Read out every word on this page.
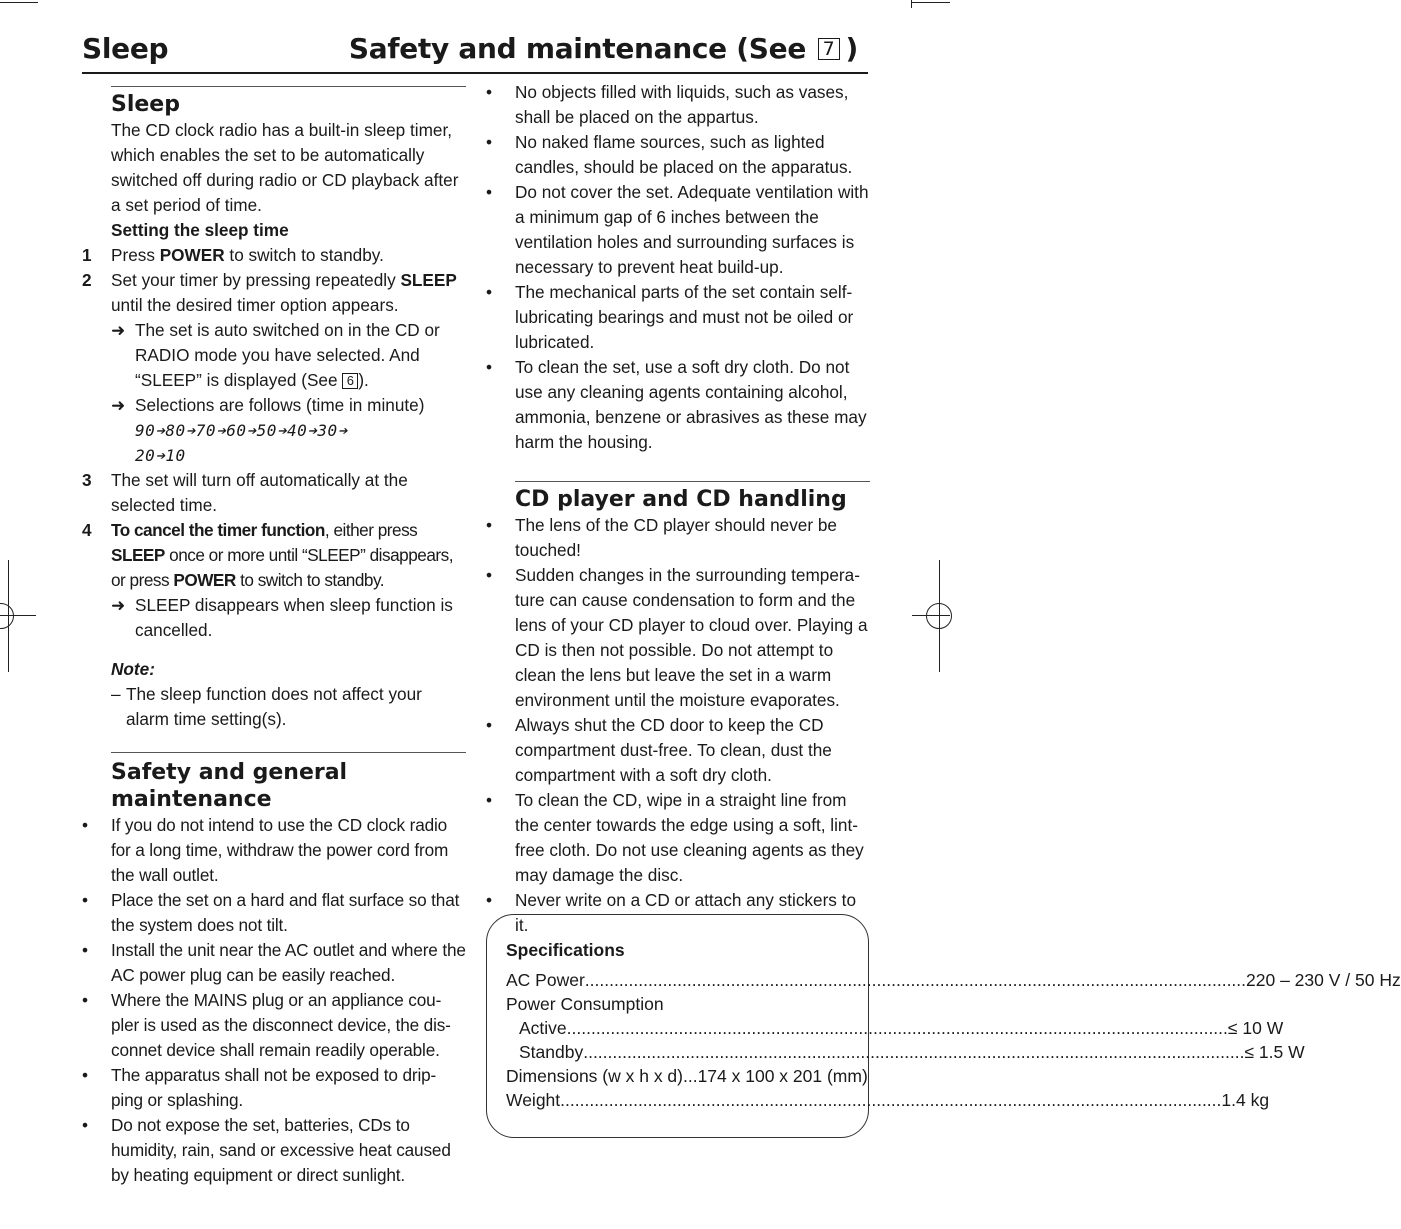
Sleep	Safety and maintenance (See 7 )
Sleep

The CD clock radio has a built-in sleep timer, which enables the set to be automatically switched off during radio or CD playback after a set period of time.

Setting the sleep time

1 Press POWER to switch to standby.
2 Set your timer by pressing repeatedly SLEEP until the desired timer option appears.
➜ The set is auto switched on in the CD or RADIO mode you have selected. And “SLEEP” is displayed (See 6 ).
➜ Selections are follows (time in minute)

90➔80➔70➔60➔50➔40➔30➔

20➔10

3 The set will turn off automatically at the selected time.
4 To cancel the timer function, either press SLEEP once or more until “SLEEP” disappears, or press POWER to switch to standby.
➜ SLEEP disappears when sleep function is cancelled.

Note:

– The sleep function does not affect your alarm time setting(s).
Safety and general maintenance
• If you do not intend to use the CD clock radio for a long time, withdraw the power cord from the wall outlet.
• Place the set on a hard and flat surface so that the system does not tilt.
• Install the unit near the AC outlet and where the AC power plug can be easily reached.
• Where the MAINS plug or an appliance cou-pler is used as the disconnect device, the dis-connet device shall remain readily operable.
• The apparatus shall not be exposed to drip-ping or splashing.
• Do not expose the set, batteries, CDs to humidity, rain, sand or excessive heat caused by heating equipment or direct sunlight.
• No objects filled with liquids, such as vases, shall be placed on the appartus.
• No naked flame sources, such as lighted candles, should be placed on the apparatus.
• Do not cover the set. Adequate ventilation with a minimum gap of 6 inches between the ventilation holes and surrounding surfaces is necessary to prevent heat build-up.
• The mechanical parts of the set contain self-lubricating bearings and must not be oiled or lubricated.
• To clean the set, use a soft dry cloth. Do not use any cleaning agents containing alcohol, ammonia, benzene or abrasives as these may harm the housing.
CD player and CD handling
• The lens of the CD player should never be touched!
• Sudden changes in the surrounding tempera-ture can cause condensation to form and the lens of your CD player to cloud over. Playing a CD is then not possible. Do not attempt to clean the lens but leave the set in a warm environment until the moisture evaporates.
• Always shut the CD door to keep the CD compartment dust-free. To clean, dust the compartment with a soft dry cloth.
• To clean the CD, wipe in a straight line from the center towards the edge using a soft, lint-free cloth. Do not use cleaning agents as they may damage the disc.
• Never write on a CD or attach any stickers to it.
Specifications
AC Power .....	220 – 230 V / 50 Hz
Power Consumption
Active .....	≤ 10 W
Standby .....	≤ 1.5 W
Dimensions (w x h x d)... 174 x 100 x 201 (mm)
Weight .....	1.4 kg
